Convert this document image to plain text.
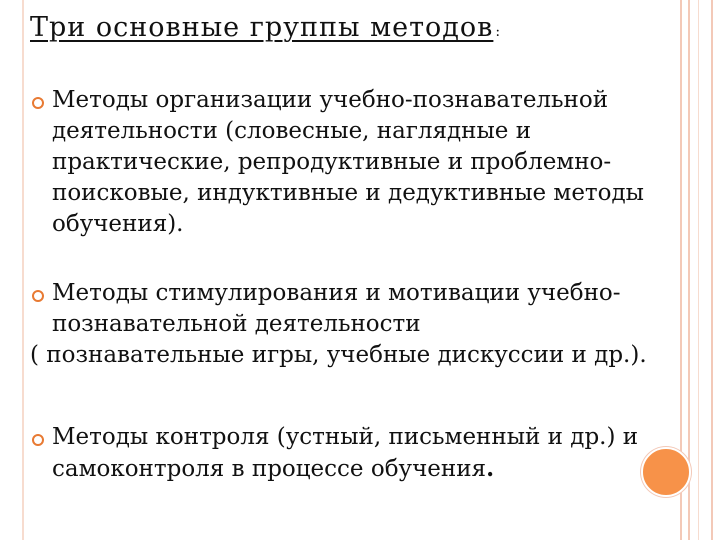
Три основные группы методов :
Методы организации учебно-познавательной
деятельности (словесные, наглядные и
практические, репродуктивные и проблемно-
поисковые, индуктивные и дедуктивные методы
обучения).
Методы стимулирования и мотивации учебно-
познавательной деятельности
( познавательные игры, учебные дискуссии и др.).
Методы контроля (устный, письменный и др.) и
самоконтроля в процессе обучения.
